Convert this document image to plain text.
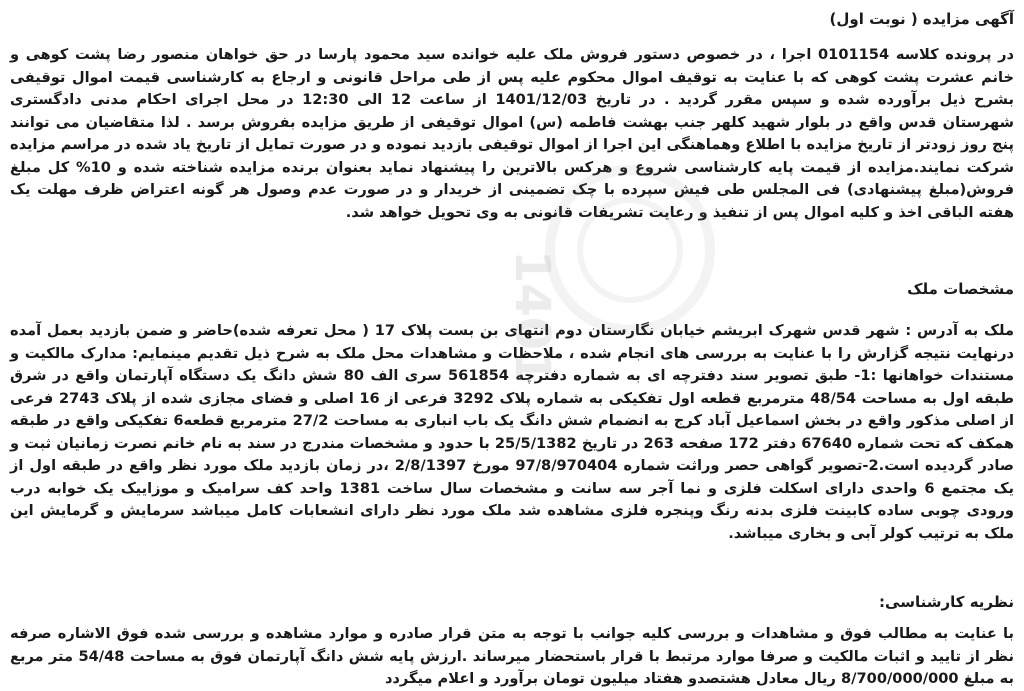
آگهی مزایده ( نوبت اول)

در پرونده کلاسه 0101154 اجرا ، در خصوص دستور فروش ملک علیه خوانده سید محمود پارسا در حق خواهان منصور رضا پشت کوهی و خانم عشرت پشت کوهی که با عنایت به توقیف اموال محکوم علیه پس از طی مراحل قانونی و ارجاع به کارشناسی قیمت اموال توقیفی بشرح ذیل برآورده شده و سپس مقرر گردید . در تاریخ 1401/12/03 از ساعت 12 الی 12:30 در محل اجرای احکام مدنی دادگستری شهرستان قدس واقع در بلوار شهید کلهر جنب بهشت فاطمه (س) اموال توقیفی از طریق مزایده بفروش برسد . لذا متقاضیان می توانند پنج روز زودتر از تاریخ مزایده با اطلاع وهماهنگی این اجرا از اموال توقیفی بازدید نموده و در صورت تمایل از تاریخ یاد شده در مراسم مزایده شرکت نمایند.مزایده از قیمت پایه کارشناسی شروع و هرکس بالاترین را پیشنهاد نماید بعنوان برنده مزایده شناخته شده و 10% کل مبلغ فروش(مبلغ پیشنهادی) فی المجلس طی فیش سپرده با چک تضمینی از خریدار و در صورت عدم وصول هر گونه اعتراض ظرف مهلت یک هفته الباقی اخذ و کلیه اموال پس از تنفیذ و رعایت تشریفات قانونی به وی تحویل خواهد شد.

مشخصات ملک

ملک به آدرس : شهر قدس شهرک ابریشم خیابان نگارستان دوم انتهای بن بست پلاک 17 ( محل تعرفه شده)حاضر و ضمن بازدید بعمل آمده درنهایت نتیجه گزارش را با عنایت به بررسی های انجام شده ، ملاحظات و مشاهدات محل ملک به شرح ذیل تقدیم مینمایم: مدارک مالکیت و مستندات خواهانها :1- طبق تصویر سند دفترچه ای به شماره دفترچه 561854 سری الف 80 شش دانگ یک دستگاه آپارتمان واقع در شرق طبقه اول به مساحت 48/54 مترمربع قطعه اول تفکیکی به شماره پلاک 3292 فرعی از 16 اصلی و فضای مجازی شده از پلاک 2743 فرعی از اصلی مذکور واقع در بخش اسماعیل آباد کرج به انضمام شش دانگ یک باب انباری به مساحت 27/2 مترمربع قطعه6 تفکیکی واقع در طبقه همکف که تحت شماره 67640 دفتر 172 صفحه 263 در تاریخ 25/5/1382 با حدود و مشخصات مندرج در سند به نام خانم نصرت زمانیان ثبت و صادر گردیده است.2-تصویر گواهی حصر وراثت شماره 97/8/970404 مورخ 2/8/1397 ،در زمان بازدید ملک مورد نظر واقع در طبقه اول از یک مجتمع 6 واحدی دارای اسکلت فلزی و نما آجر سه سانت و مشخصات سال ساخت 1381 واحد کف سرامیک و موزاییک یک خوابه درب ورودی چوبی ساده کابینت فلزی بدنه رنگ وپنجره فلزی مشاهده شد ملک مورد نظر دارای انشعابات کامل میباشد سرمایش و گرمایش این ملک به ترتیب کولر آبی و بخاری میباشد.

نظریه کارشناسی:

با عنایت به مطالب فوق و مشاهدات و بررسی کلیه جوانب با توجه به متن قرار صادره و موارد مشاهده و بررسی شده فوق الاشاره صرفه نظر از تایید و اثبات مالکیت و صرفا موارد مرتبط با قرار باستحضار میرساند .ارزش پایه شش دانگ آپارتمان فوق به مساحت 54/48 متر مربع به مبلغ 8/700/000/000 ریال معادل هشتصدو هفتاد میلیون تومان برآورد و اعلام میگردد

1401
